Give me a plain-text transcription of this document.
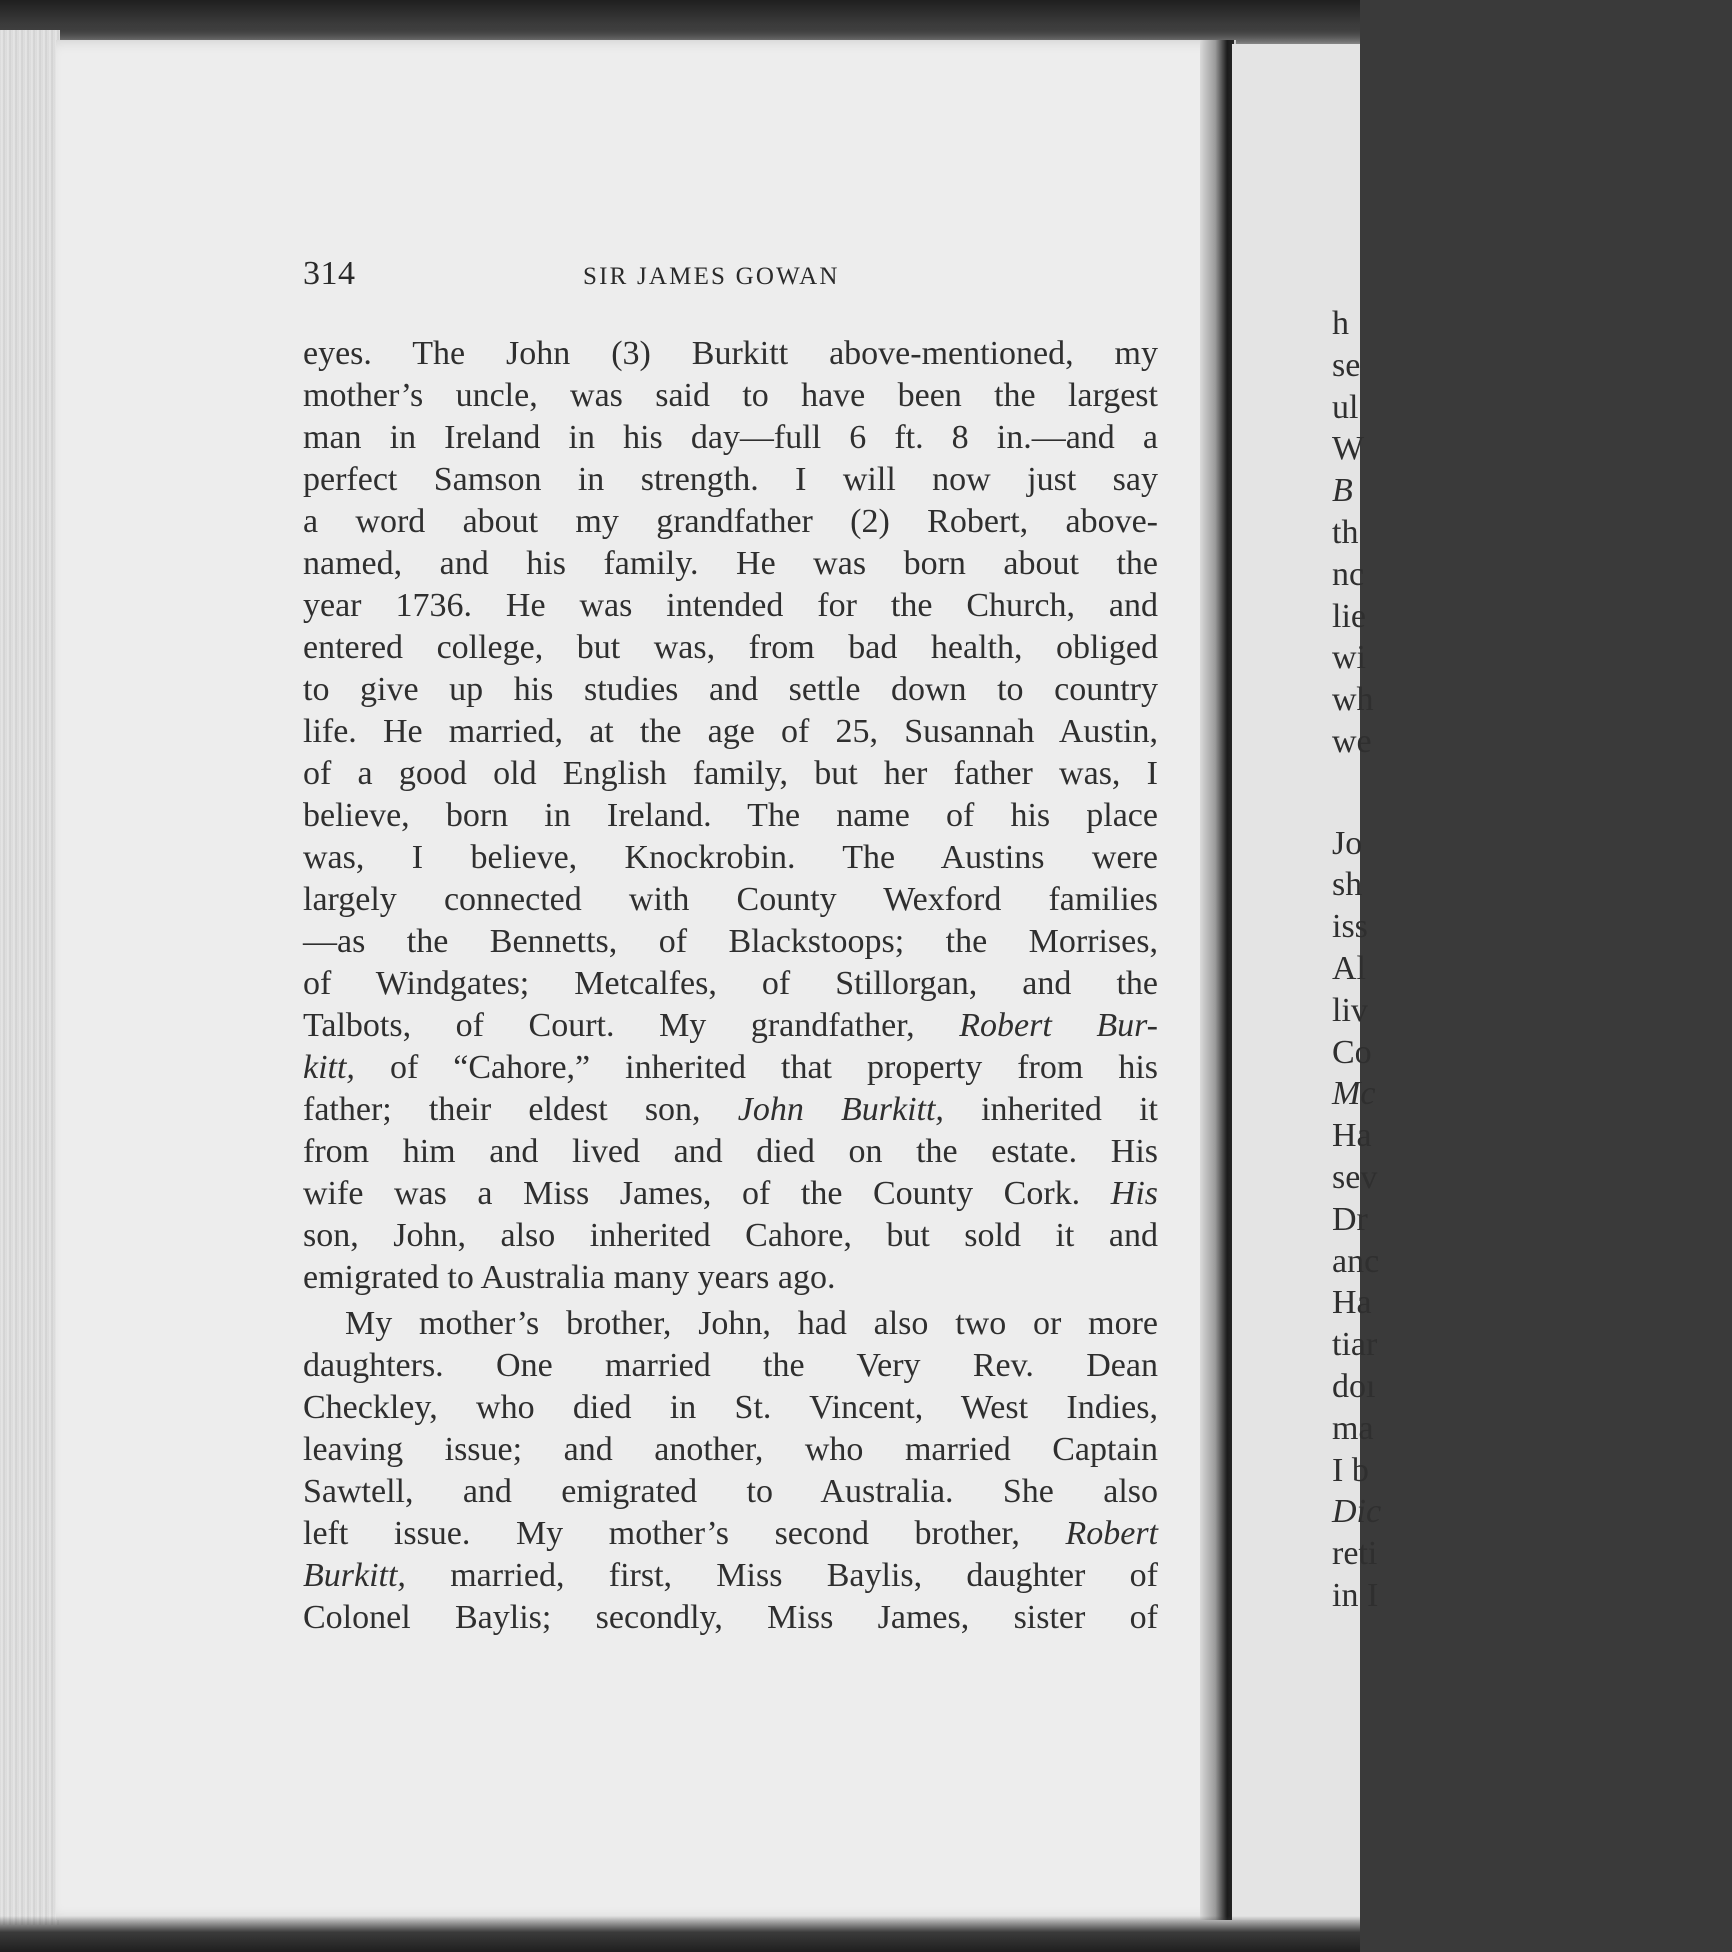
h
se
ul
W
B
th
nc
lie
wi
wh
we
Jo
sh
iss
Al
liv
Co
Mc
Ha
sev
Dr
anc
Ha
tiar
doı
ma
I b
Dic
reti
in I
314	SIR JAMES GOWAN
eyes. The John (3) Burkitt above-mentioned, my
mother’s uncle, was said to have been the largest
man in Ireland in his day—full 6 ft. 8 in.—and a
perfect Samson in strength. I will now just say
a word about my grandfather (2) Robert, above-
named, and his family. He was born about the
year 1736. He was intended for the Church, and
entered college, but was, from bad health, obliged
to give up his studies and settle down to country
life. He married, at the age of 25, Susannah Austin,
of a good old English family, but her father was, I
believe, born in Ireland. The name of his place
was, I believe, Knockrobin. The Austins were
largely connected with County Wexford families
—as the Bennetts, of Blackstoops; the Morrises,
of Windgates; Metcalfes, of Stillorgan, and the
Talbots, of Court. My grandfather, Robert Bur-
kitt, of “Cahore,” inherited that property from his
father; their eldest son, John Burkitt, inherited it
from him and lived and died on the estate. His
wife was a Miss James, of the County Cork. His
son, John, also inherited Cahore, but sold it and
emigrated to Australia many years ago.
My mother’s brother, John, had also two or more
daughters. One married the Very Rev. Dean
Checkley, who died in St. Vincent, West Indies,
leaving issue; and another, who married Captain
Sawtell, and emigrated to Australia. She also
left issue. My mother’s second brother, Robert
Burkitt, married, first, Miss Baylis, daughter of
Colonel Baylis; secondly, Miss James, sister of
